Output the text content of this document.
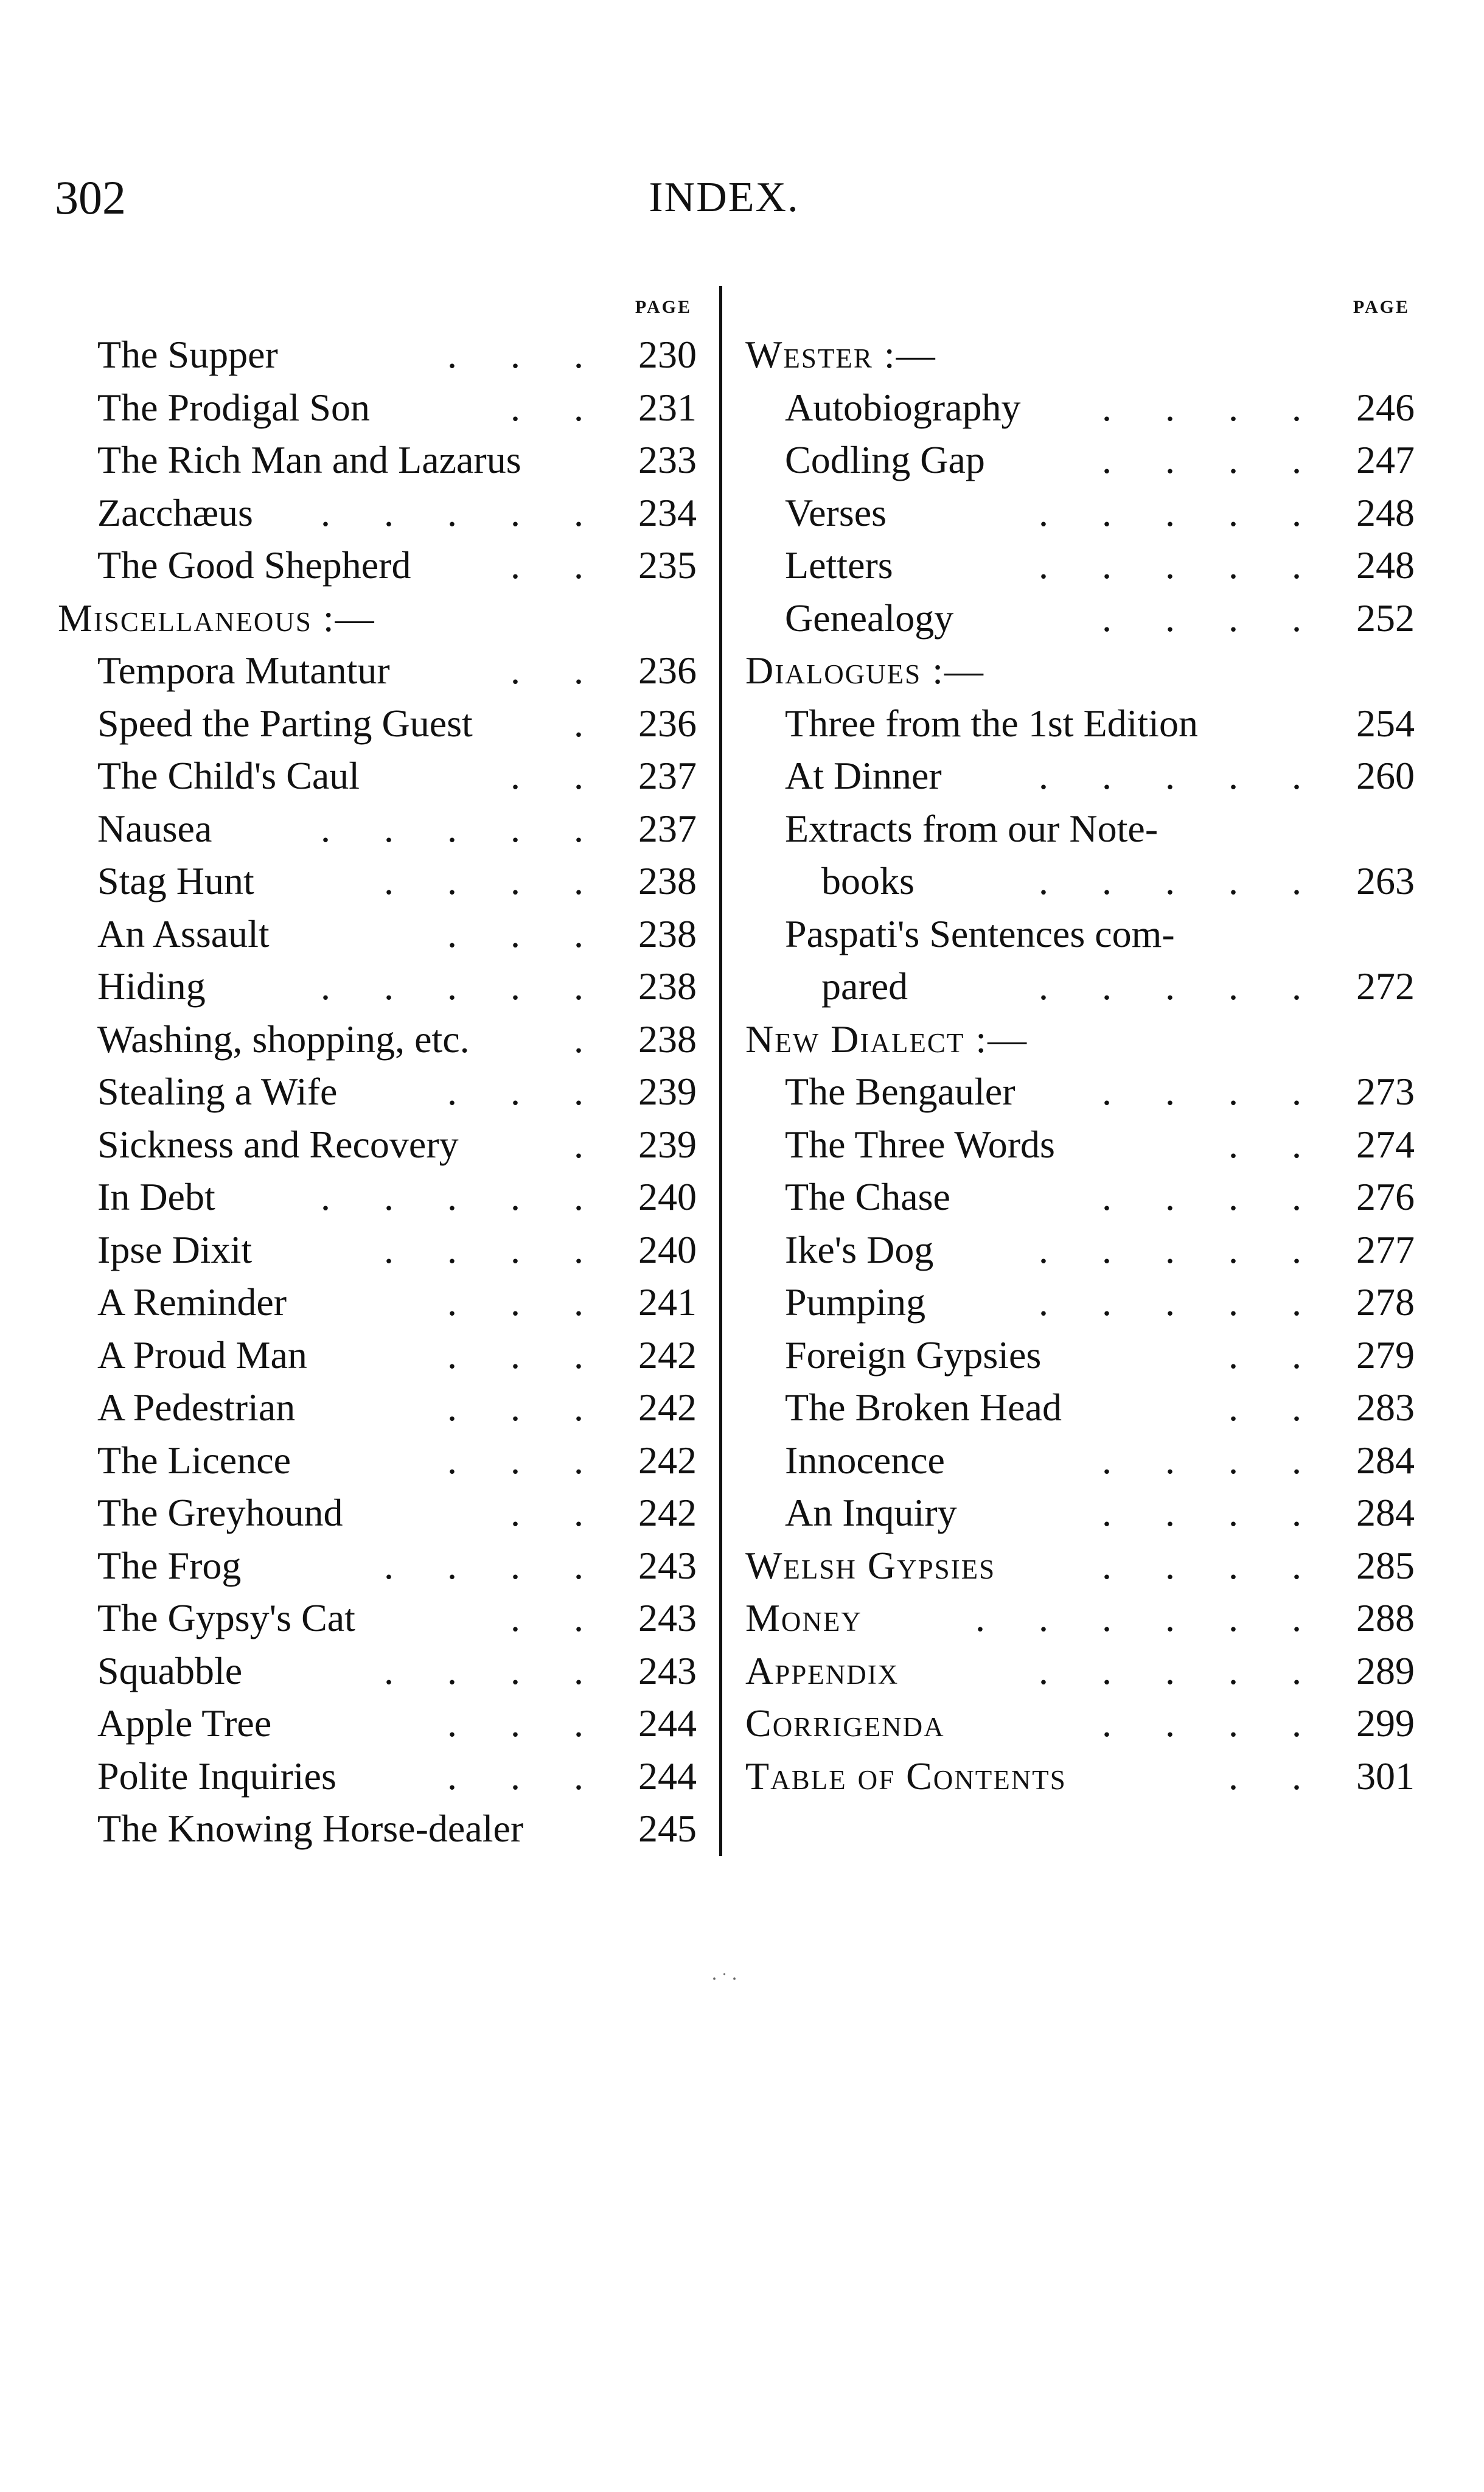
302	INDEX.
PAGE
The Supper	. . . 230
The Prodigal Son	. . 231
The Rich Man and Lazarus	233
Zacchæus . . . . . 234
The Good Shepherd	. . 235
Miscellaneous :—
Tempora Mutantur	. . 236
Speed the Parting Guest	. 236
The Child's Caul	. . 237
Nausea	. . . . . 237
Stag Hunt	. . . . 238
An Assault	. . . 238
Hiding	. . . . . 238
Washing, shopping, etc.	. 238
Stealing a Wife	. . . 239
Sickness and Recovery	. 239
In Debt	. . . . . 240
Ipse Dixit	. . . . 240
A Reminder	. . . 241
A Proud Man	. . . 242
A Pedestrian	. . . 242
The Licence	. . . 242
The Greyhound	. . 242
The Frog	. . . . 243
The Gypsy's Cat	. . 243
Squabble	. . . . 243
Apple Tree	. . . 244
Polite Inquiries	. . . 244
The Knowing Horse-dealer	245
PAGE
Wester :—
Autobiography . . . . 246
Codling Gap	. . . . 247
Verses	. . . . . 248
Letters	. . . . . 248
Genealogy	. . . . 252
Dialogues :—
Three from the 1st Edition	254
At Dinner . . . . . 260
Extracts from our Note-
books	. . . . . 263
Paspati's Sentences com-
pared	. . . . . 272
New Dialect :—
The Bengauler . . . . 273
The Three Words	. . 274
The Chase	. . . . 276
Ike's Dog	. . . . . 277
Pumping	. . . . . 278
Foreign Gypsies	. . 279
The Broken Head	. . 283
Innocence	. . . . 284
An Inquiry	. . . . 284
Welsh Gypsies	. . . . 285
Money	. . . . . . 288
Appendix	. . . . . 289
Corrigenda	. . . . 299
Table of Contents	. . 301
⸱ ˙ ⸱
